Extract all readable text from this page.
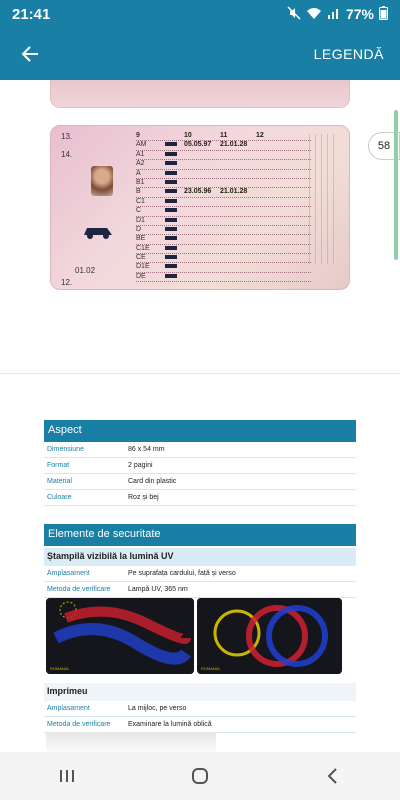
21:41	77%
LEGENDĂ
13.
14.
01.02
12.
9	10	11	12
AM	05.05.97	21.01.28
A1
A2
A
B1
B	23.05.96	21.01.28
C1
C
D1
D
BE
C1E
CE
D1E
DE
58
Aspect
Dimensiune	86 x 54 mm
Format	2 pagini
Material	Card din plastic
Culoare	Roz și bej
Elemente de securitate
Ștampilă vizibilă la lumină UV
Amplasament	Pe suprafața cardului, față și verso
Metoda de verificare	Lampă UV, 365 nm
ROMANIA	ROMANIA
Imprimeu
Amplasament	La mijloc, pe verso
Metoda de verificare	Examinare la lumină oblică
